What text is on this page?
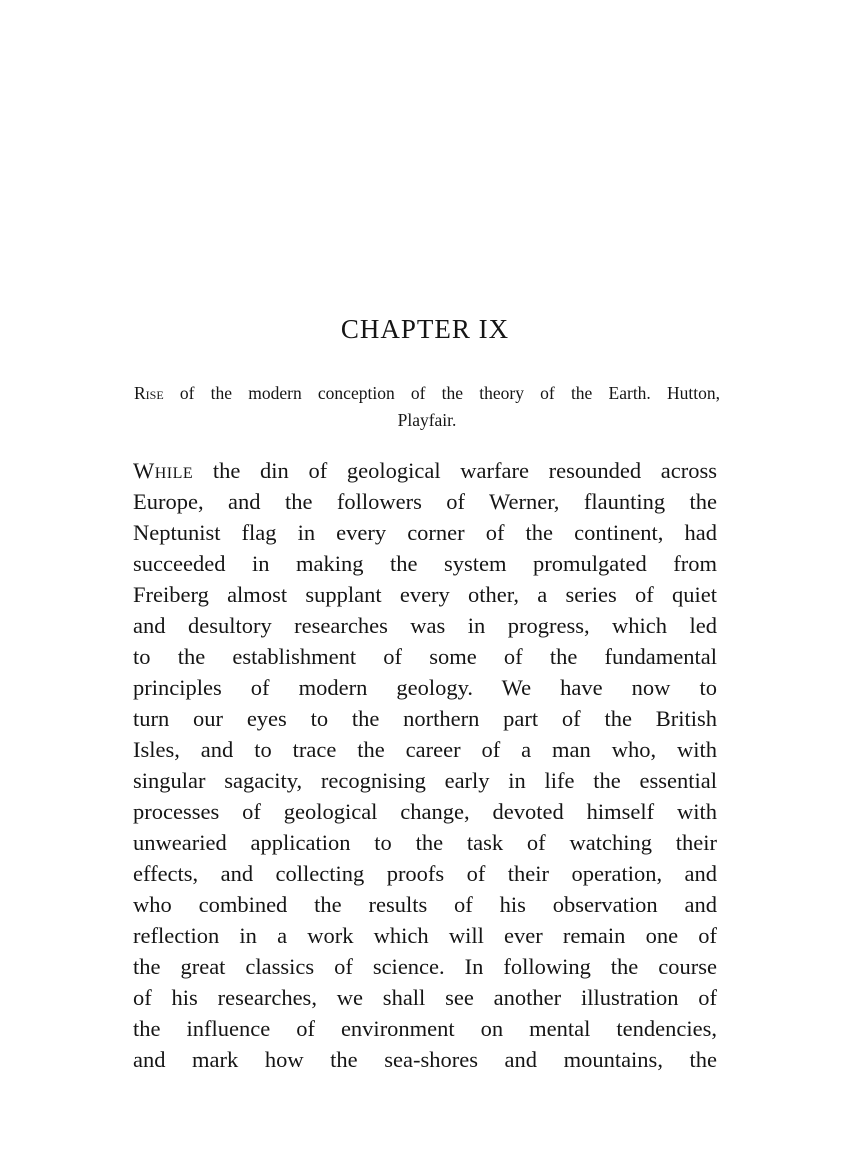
CHAPTER IX
Rise of the modern conception of the theory of the Earth. Hutton,
Playfair.
While the din of geological warfare resounded across
Europe, and the followers of Werner, flaunting the
Neptunist flag in every corner of the continent, had
succeeded in making the system promulgated from
Freiberg almost supplant every other, a series of quiet
and desultory researches was in progress, which led
to the establishment of some of the fundamental
principles of modern geology. We have now to
turn our eyes to the northern part of the British
Isles, and to trace the career of a man who, with
singular sagacity, recognising early in life the essential
processes of geological change, devoted himself with
unwearied application to the task of watching their
effects, and collecting proofs of their operation, and
who combined the results of his observation and
reflection in a work which will ever remain one of
the great classics of science. In following the course
of his researches, we shall see another illustration of
the influence of environment on mental tendencies,
and mark how the sea-shores and mountains, the
